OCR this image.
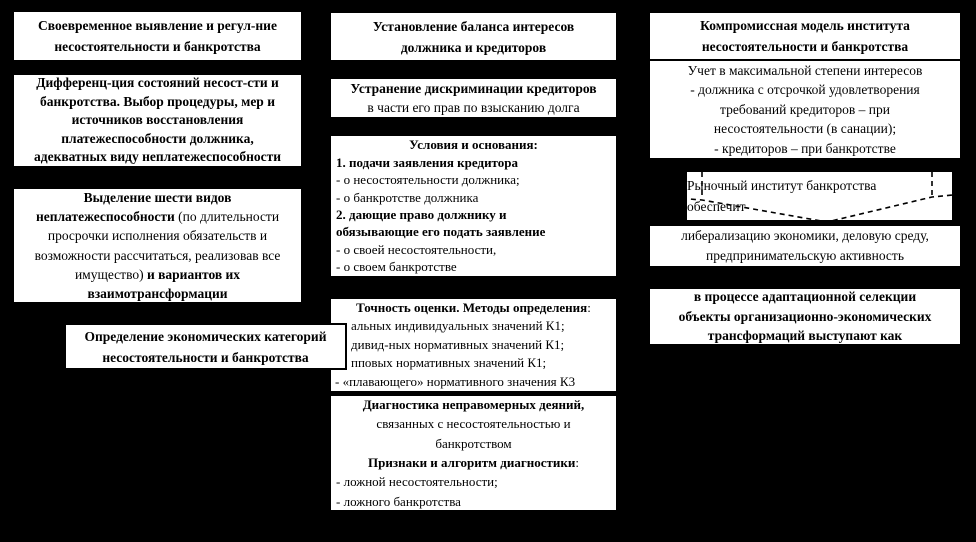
Своевременное выявление и регул-ние
несостоятельности и банкротства
Дифференц-ция состояний несост-сти и
банкротства. Выбор процедуры, мер и
источников восстановления
платежеспособности должника,
адекватных виду неплатежеспособности
Выделение шести видов
неплатежеспособности (по длительности
просрочки исполнения обязательств и
возможности рассчитаться, реализовав все
имущество) и вариантов их
взаимотрансформации
Установление баланса интересов
должника и кредиторов
Устранение дискриминации кредиторов
в части его прав по взысканию долга
Условия и основания:
1. подачи заявления кредитора
- о несостоятельности должника;
- о банкротстве должника
2. дающие право должнику и
обязывающие его подать заявление
- о своей несостоятельности,
- о своем банкротстве
Точность оценки. Методы определения:
альных индивидуальных значений К1;
дивид-ных нормативных значений К1;
пповых нормативных значений К1;
- «плавающего» нормативного значения К3
Диагностика неправомерных деяний,
связанных с несостоятельностью и
банкротством
Признаки и алгоритм диагностики:
- ложной несостоятельности;
- ложного банкротства
Определение экономических категорий
несостоятельности и банкротства
Компромиссная модель института
несостоятельности и банкротства
Учет в максимальной степени интересов
- должника с отсрочкой удовлетворения
требований кредиторов – при
несостоятельности (в санации);
- кредиторов – при банкротстве
Рыночный институт банкротства
обеспечит
либерализацию экономики, деловую среду,
предпринимательскую активность
в процессе адаптационной селекции
объекты организационно-экономических
трансформаций выступают как
